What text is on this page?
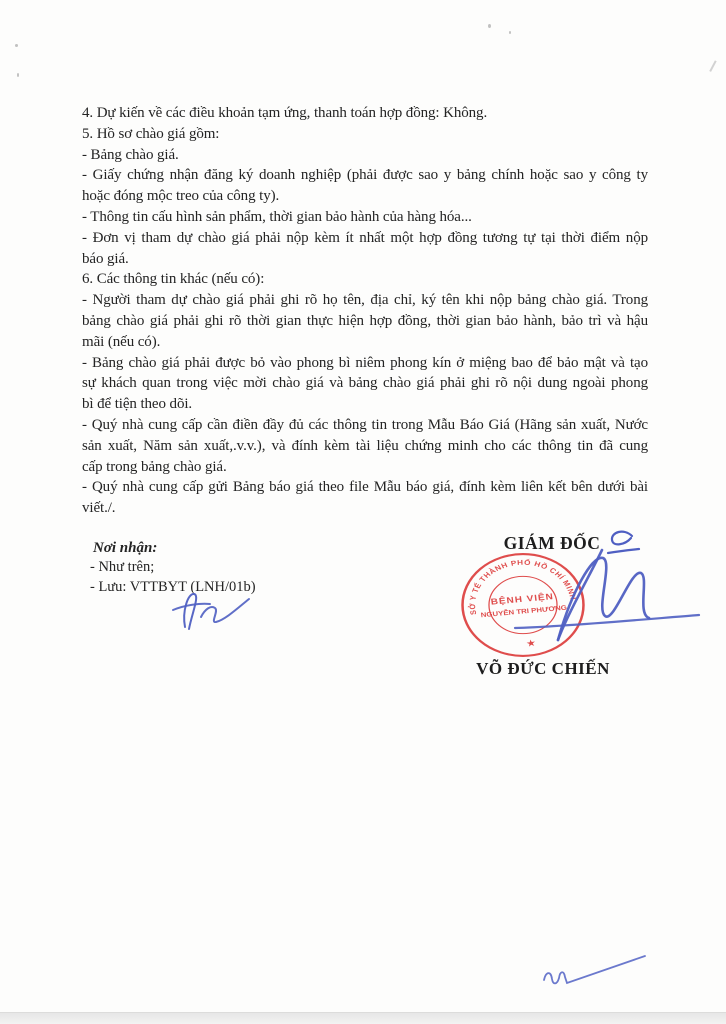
4. Dự kiến về các điều khoản tạm ứng, thanh toán hợp đồng: Không.
5. Hồ sơ chào giá gồm:
- Bảng chào giá.
- Giấy chứng nhận đăng ký doanh nghiệp (phải được sao y bảng chính hoặc sao y công ty
hoặc đóng mộc treo của công ty).
- Thông tin cấu hình sản phẩm, thời gian bảo hành của hàng hóa...
- Đơn vị tham dự chào giá phải nộp kèm ít nhất một hợp đồng tương tự tại thời điểm nộp
báo giá.
6. Các thông tin khác (nếu có):
- Người tham dự chào giá phải ghi rõ họ tên, địa chỉ, ký tên khi nộp bảng chào giá. Trong
bảng chào giá phải ghi rõ thời gian thực hiện hợp đồng, thời gian bảo hành, bảo trì và hậu
mãi (nếu có).
- Bảng chào giá phải được bỏ vào phong bì niêm phong kín ở miệng bao để bảo mật và tạo
sự khách quan trong việc mời chào giá và bảng chào giá phải ghi rõ nội dung ngoài phong
bì để tiện theo dõi.
- Quý nhà cung cấp cần điền đầy đủ các thông tin trong Mẫu Báo Giá (Hãng sản xuất, Nước
sản xuất, Năm sản xuất,.v.v.), và đính kèm tài liệu chứng minh cho các thông tin đã cung
cấp trong bảng chào giá.
- Quý nhà cung cấp gửi Bảng báo giá theo file Mẫu báo giá, đính kèm liên kết bên dưới bài
viết./.
Nơi nhận:
- Như trên;
- Lưu: VTTBYT (LNH/01b)
GIÁM ĐỐC
SỞ Y TẾ THÀNH PHỐ HỒ CHÍ MINH
★
BỆNH VIỆN
NGUYỄN TRI PHƯƠNG
VÕ ĐỨC CHIẾN
